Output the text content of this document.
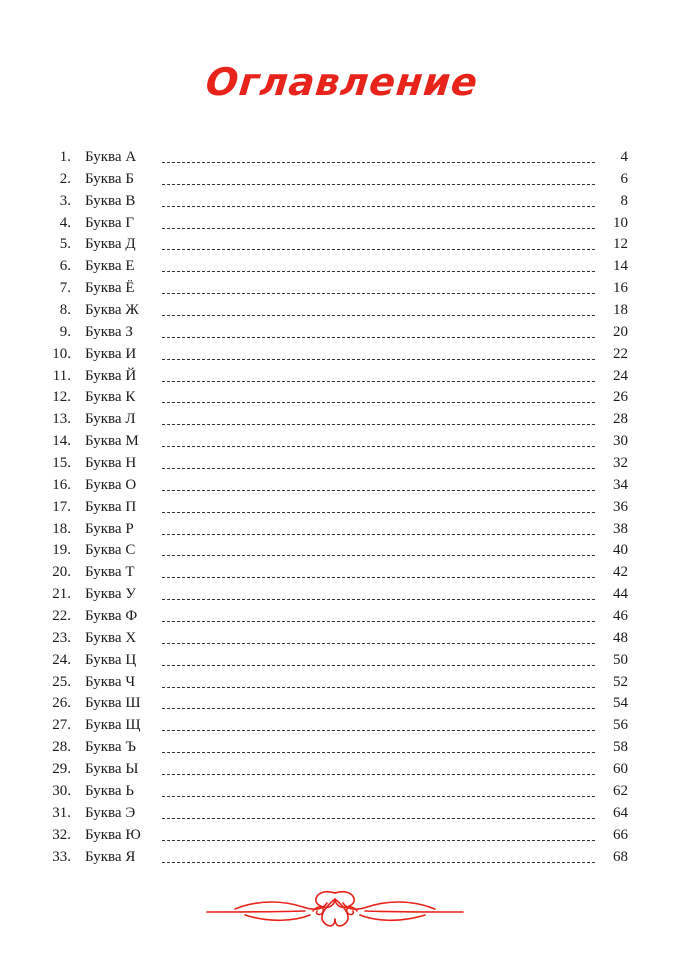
Оглавление
1. Буква А	4
2. Буква Б	6
3. Буква В	8
4. Буква Г	10
5. Буква Д	12
6. Буква Е	14
7. Буква Ё	16
8. Буква Ж	18
9. Буква З	20
10. Буква И	22
11. Буква Й	24
12. Буква К	26
13. Буква Л	28
14. Буква М	30
15. Буква Н	32
16. Буква О	34
17. Буква П	36
18. Буква Р	38
19. Буква С	40
20. Буква Т	42
21. Буква У	44
22. Буква Ф	46
23. Буква Х	48
24. Буква Ц	50
25. Буква Ч	52
26. Буква Ш	54
27. Буква Щ	56
28. Буква Ъ	58
29. Буква Ы	60
30. Буква Ь	62
31. Буква Э	64
32. Буква Ю	66
33. Буква Я	68
